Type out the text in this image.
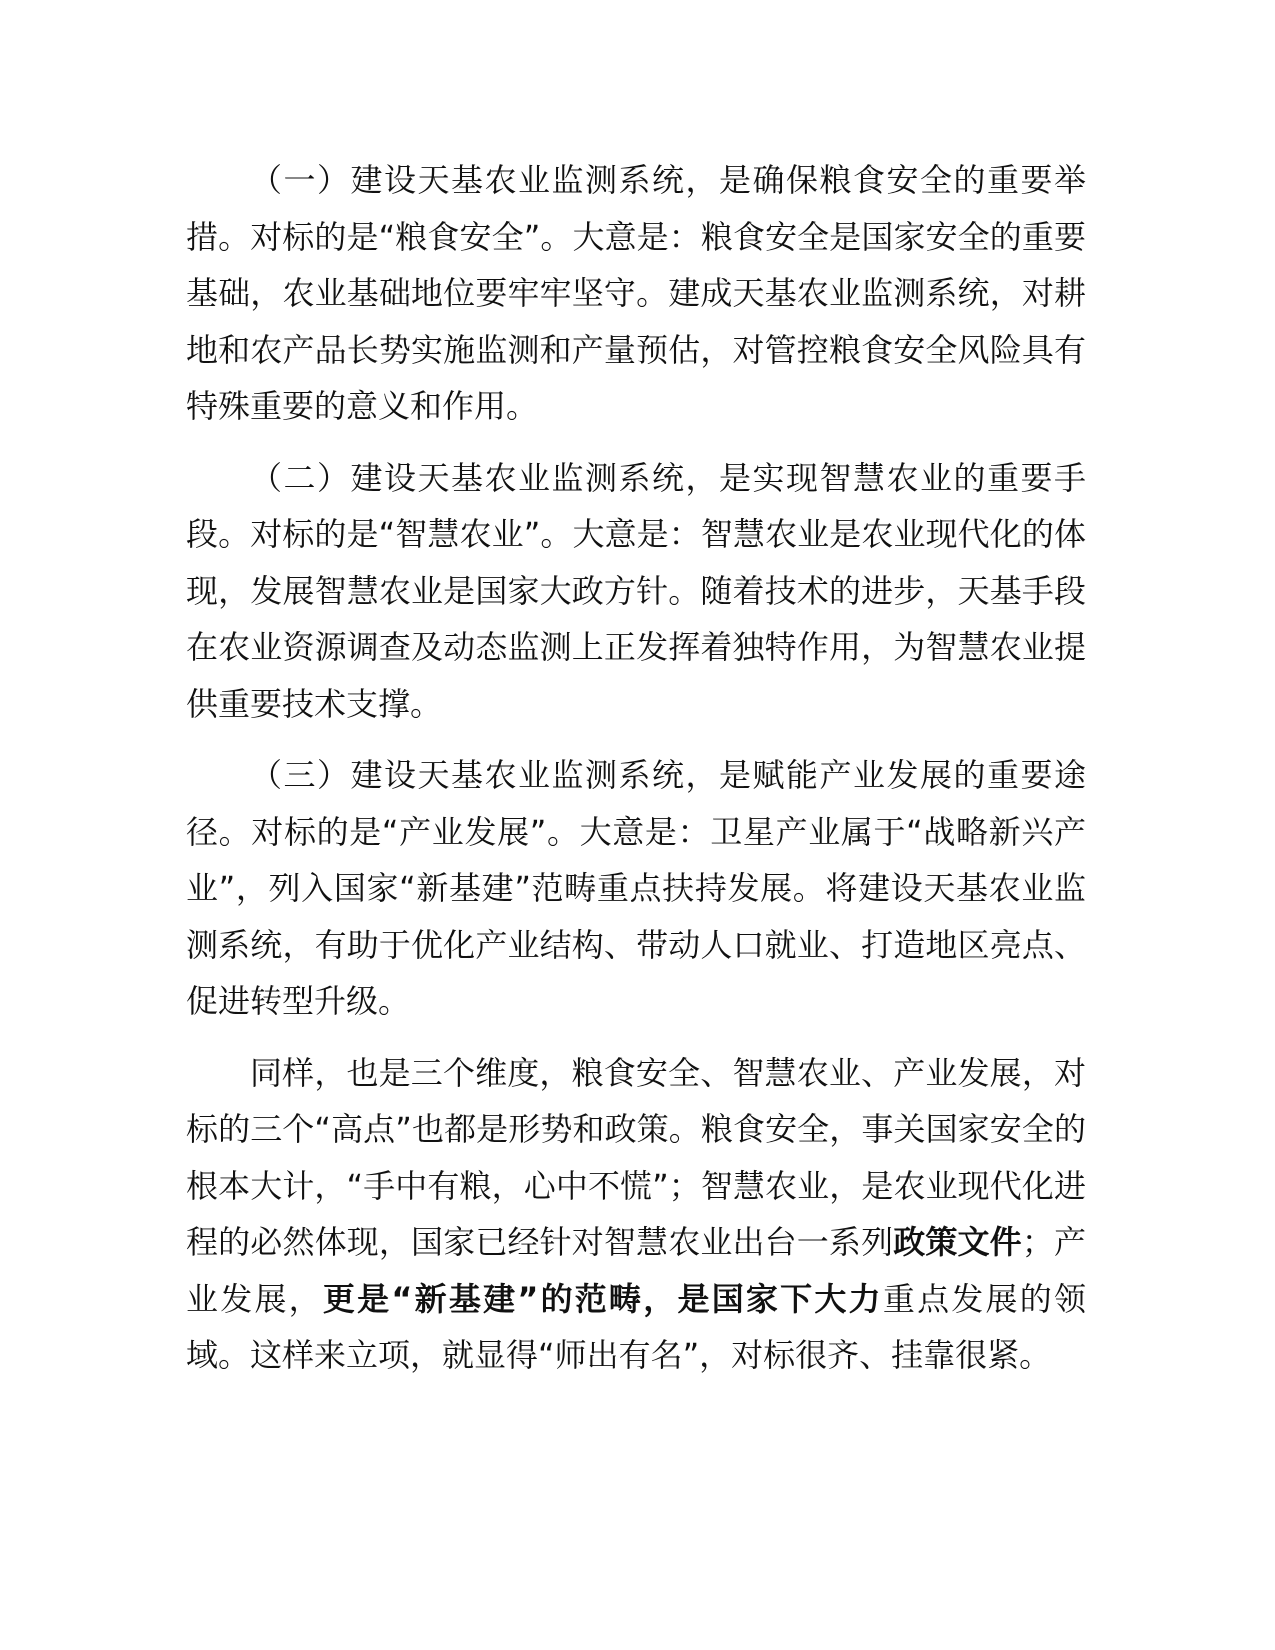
（一）建设天基农业监测系统，是确保粮食安全的重要举措。对标的是“粮食安全”。大意是：粮食安全是国家安全的重要基础，农业基础地位要牢牢坚守。建成天基农业监测系统，对耕地和农产品长势实施监测和产量预估，对管控粮食安全风险具有特殊重要的意义和作用。

（二）建设天基农业监测系统，是实现智慧农业的重要手段。对标的是“智慧农业”。大意是：智慧农业是农业现代化的体现，发展智慧农业是国家大政方针。随着技术的进步，天基手段在农业资源调查及动态监测上正发挥着独特作用，为智慧农业提供重要技术支撑。

（三）建设天基农业监测系统，是赋能产业发展的重要途径。对标的是“产业发展”。大意是：卫星产业属于“战略新兴产业”，列入国家“新基建”范畴重点扶持发展。将建设天基农业监测系统，有助于优化产业结构、带动人口就业、打造地区亮点、促进转型升级。

同样，也是三个维度，粮食安全、智慧农业、产业发展，对标的三个“高点”也都是形势和政策。粮食安全，事关国家安全的根本大计，“手中有粮，心中不慌”；智慧农业，是农业现代化进程的必然体现，国家已经针对智慧农业出台一系列政策文件；产业发展，更是“新基建”的范畴，是国家下大力重点发展的领域。这样来立项，就显得“师出有名”，对标很齐、挂靠很紧。
